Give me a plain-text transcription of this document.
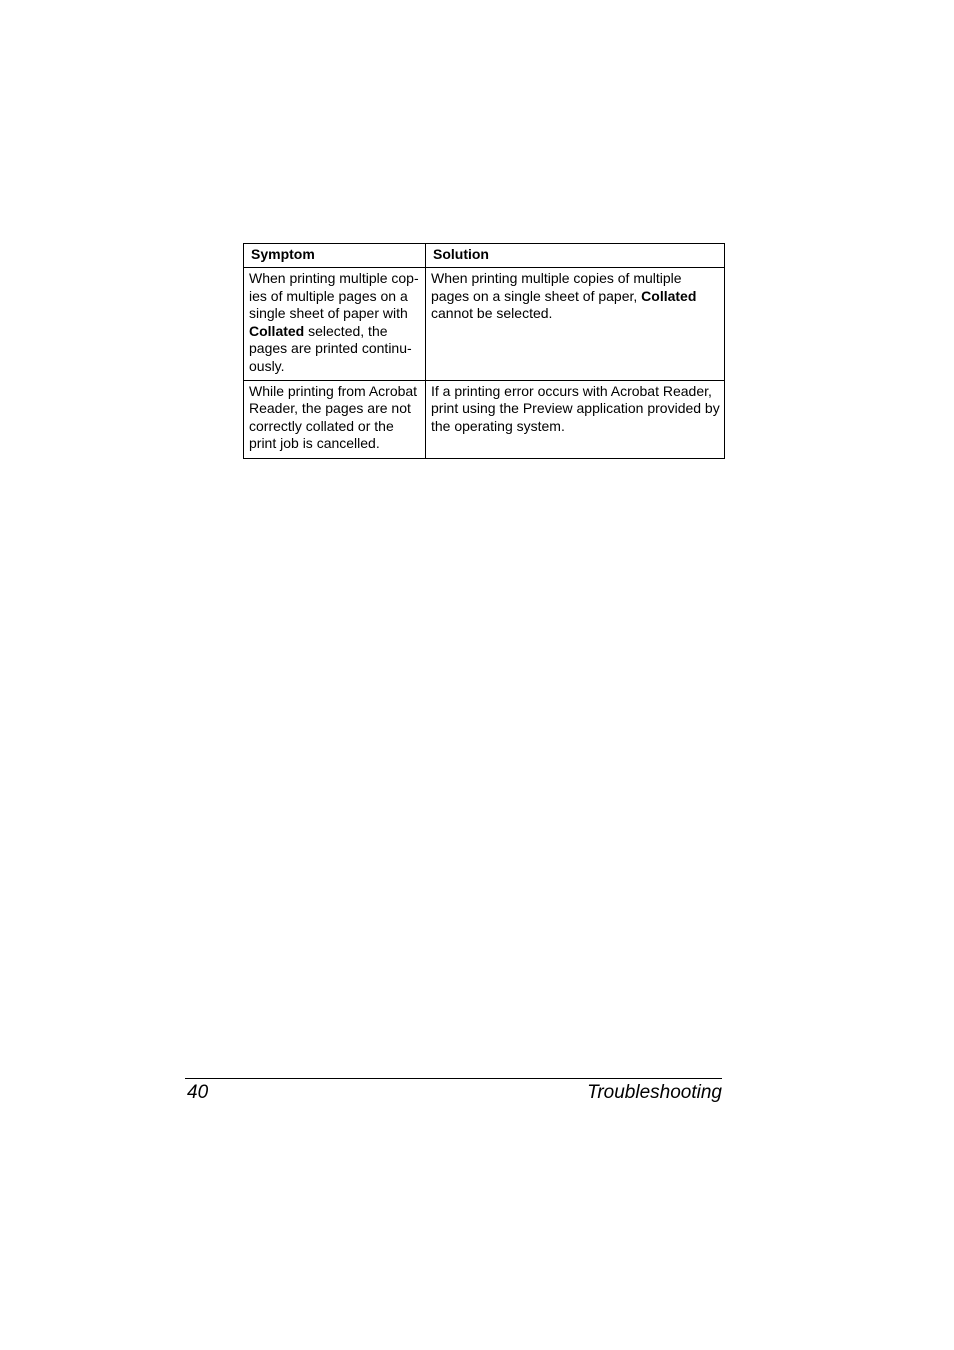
Symptom	Solution
When printing multiple cop-ies of multiple pages on a single sheet of paper with Collated selected, the pages are printed continu-ously.	When printing multiple copies of multiple pages on a single sheet of paper, Collated cannot be selected.
While printing from Acrobat Reader, the pages are not correctly collated or the print job is cancelled.	If a printing error occurs with Acrobat Reader, print using the Preview application provided by the operating system.
40	Troubleshooting
